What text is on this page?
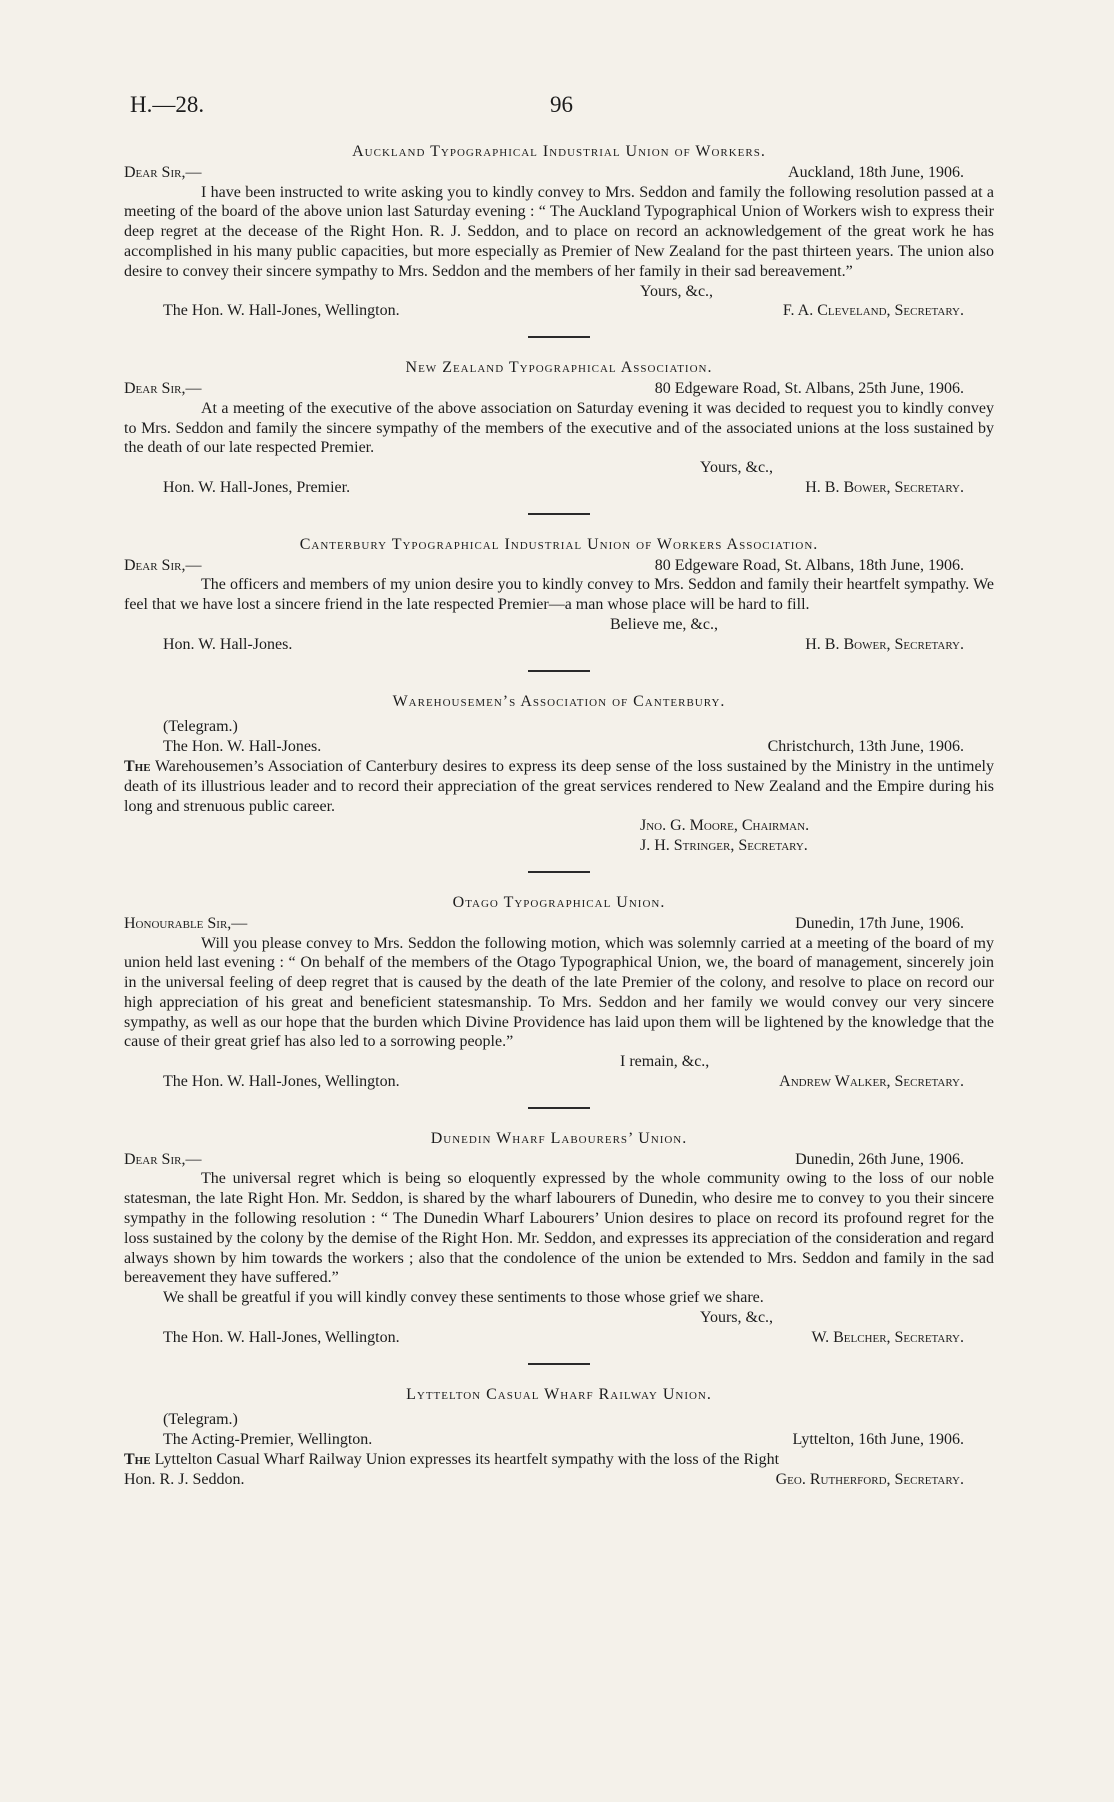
H.—28.	96
Auckland Typographical Industrial Union of Workers.
Dear Sir,—	Auckland, 18th June, 1906.

I have been instructed to write asking you to kindly convey to Mrs. Seddon and family the following resolution passed at a meeting of the board of the above union last Saturday evening : “ The Auckland Typographical Union of Workers wish to express their deep regret at the decease of the Right Hon. R. J. Seddon, and to place on record an acknowledgement of the great work he has accomplished in his many public capacities, but more especially as Premier of New Zealand for the past thirteen years. The union also desire to convey their sincere sympathy to Mrs. Seddon and the members of her family in their sad bereavement.”

Yours, &c.,
The Hon. W. Hall-Jones, Wellington.	F. A. Cleveland, Secretary.
New Zealand Typographical Association.
Dear Sir,—	80 Edgeware Road, St. Albans, 25th June, 1906.

At a meeting of the executive of the above association on Saturday evening it was decided to request you to kindly convey to Mrs. Seddon and family the sincere sympathy of the members of the executive and of the associated unions at the loss sustained by the death of our late respected Premier.

Yours, &c.,
Hon. W. Hall-Jones, Premier.	H. B. Bower, Secretary.
Canterbury Typographical Industrial Union of Workers Association.
Dear Sir,—	80 Edgeware Road, St. Albans, 18th June, 1906.

The officers and members of my union desire you to kindly convey to Mrs. Seddon and family their heartfelt sympathy. We feel that we have lost a sincere friend in the late respected Premier—a man whose place will be hard to fill.

Believe me, &c.,
Hon. W. Hall-Jones.	H. B. Bower, Secretary.
Warehousemen’s Association of Canterbury.
(Telegram.)
The Hon. W. Hall-Jones.	Christchurch, 13th June, 1906.

The Warehousemen’s Association of Canterbury desires to express its deep sense of the loss sustained by the Ministry in the untimely death of its illustrious leader and to record their appreciation of the great services rendered to New Zealand and the Empire during his long and strenuous public career.

Jno. G. Moore, Chairman.
J. H. Stringer, Secretary.
Otago Typographical Union.
Honourable Sir,—	Dunedin, 17th June, 1906.

Will you please convey to Mrs. Seddon the following motion, which was solemnly carried at a meeting of the board of my union held last evening : “ On behalf of the members of the Otago Typographical Union, we, the board of management, sincerely join in the universal feeling of deep regret that is caused by the death of the late Premier of the colony, and resolve to place on record our high appreciation of his great and beneficient statesmanship. To Mrs. Seddon and her family we would convey our very sincere sympathy, as well as our hope that the burden which Divine Providence has laid upon them will be lightened by the knowledge that the cause of their great grief has also led to a sorrowing people.”

I remain, &c.,
The Hon. W. Hall-Jones, Wellington.	Andrew Walker, Secretary.
Dunedin Wharf Labourers’ Union.
Dear Sir,—	Dunedin, 26th June, 1906.

The universal regret which is being so eloquently expressed by the whole community owing to the loss of our noble statesman, the late Right Hon. Mr. Seddon, is shared by the wharf labourers of Dunedin, who desire me to convey to you their sincere sympathy in the following resolution : “ The Dunedin Wharf Labourers’ Union desires to place on record its profound regret for the loss sustained by the colony by the demise of the Right Hon. Mr. Seddon, and expresses its appreciation of the consideration and regard always shown by him towards the workers ; also that the condolence of the union be extended to Mrs. Seddon and family in the sad bereavement they have suffered.”

We shall be greatful if you will kindly convey these sentiments to those whose grief we share.
Yours, &c.,
The Hon. W. Hall-Jones, Wellington.	W. Belcher, Secretary.
Lyttelton Casual Wharf Railway Union.
(Telegram.)
The Acting-Premier, Wellington.	Lyttelton, 16th June, 1906.

The Lyttelton Casual Wharf Railway Union expresses its heartfelt sympathy with the loss of the Right

Hon. R. J. Seddon.	Geo. Rutherford, Secretary.
